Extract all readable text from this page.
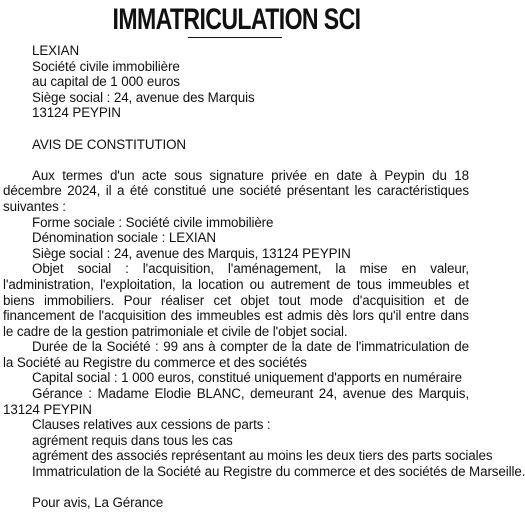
IMMATRICULATION SCI
LEXIAN
Société civile immobilière
au capital de 1 000 euros
Siège social : 24, avenue des Marquis
13124 PEYPIN
AVIS DE CONSTITUTION
Aux termes d'un acte sous signature privée en date à Peypin du 18 décembre 2024, il a été constitué une société présentant les caractéristiques suivantes :
Forme sociale : Société civile immobilière
Dénomination sociale : LEXIAN
Siège social : 24, avenue des Marquis, 13124 PEYPIN
Objet social : l'acquisition, l'aménagement, la mise en valeur, l'administration, l'exploitation, la location ou autrement de tous immeubles et biens immobiliers. Pour réaliser cet objet tout mode d'acquisition et de financement de l'acquisition des immeubles est admis dès lors qu'il entre dans le cadre de la gestion patrimoniale et civile de l'objet social.
Durée de la Société : 99 ans à compter de la date de l'immatriculation de la Société au Registre du commerce et des sociétés
Capital social : 1 000 euros, constitué uniquement d'apports en numéraire
Gérance : Madame Elodie BLANC, demeurant 24, avenue des Marquis, 13124 PEYPIN
Clauses relatives aux cessions de parts :
agrément requis dans tous les cas
agrément des associés représentant au moins les deux tiers des parts sociales
Immatriculation de la Société au Registre du commerce et des sociétés de Marseille.
Pour avis, La Gérance
